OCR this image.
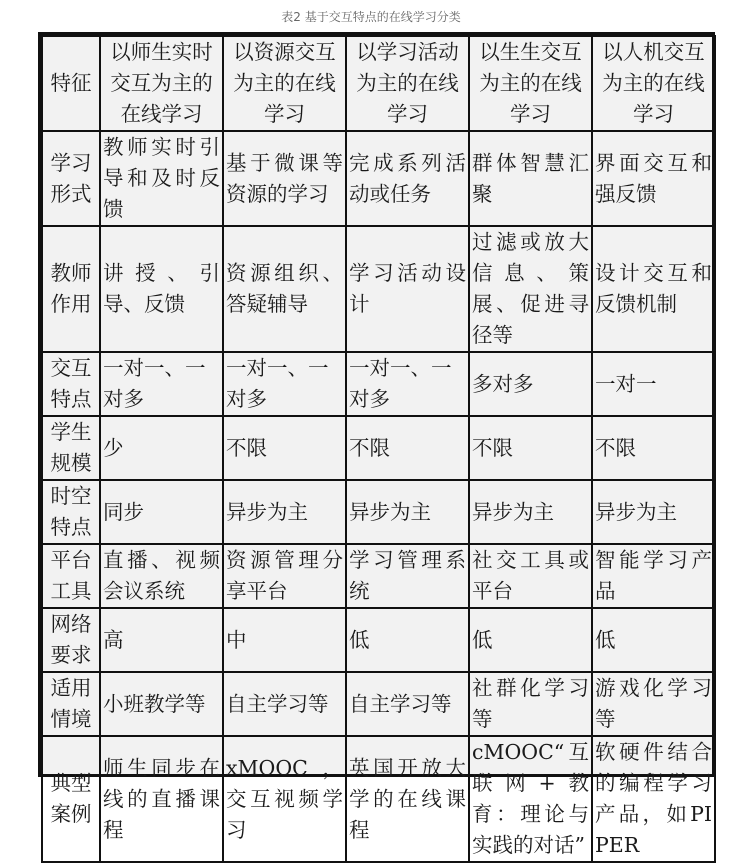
表2 基于交互特点的在线学习分类
特征	以师生实时交互为主的在线学习	以资源交互为主的在线学习	以学习活动为主的在线学习	以生生交互为主的在线学习	以人机交互为主的在线学习
学习形式	教师实时引导和及时反馈	基于微课等资源的学习	完成系列活动或任务	群体智慧汇聚	界面交互和强反馈
教师作用	讲授、引导、反馈	资源组织、答疑辅导	学习活动设计	过滤或放大信息、策展、促进寻径等	设计交互和反馈机制
交互特点	一对一、一对多	一对一、一对多	一对一、一对多	多对多	一对一
学生规模	少	不限	不限	不限	不限
时空特点	同步	异步为主	异步为主	异步为主	异步为主
平台工具	直播、视频会议系统	资源管理分享平台	学习管理系统	社交工具或平台	智能学习产品
网络要求	高	中	低	低	低
适用情境	小班教学等	自主学习等	自主学习等	社群化学习等	游戏化学习等
典型案例	师生同步在线的直播课程	xMOOC，交互视频学习	英国开放大学的在线课程	cMOOC“互联网+教育：理论与实践的对话”	软硬件结合的编程学习产品，如PIPER
